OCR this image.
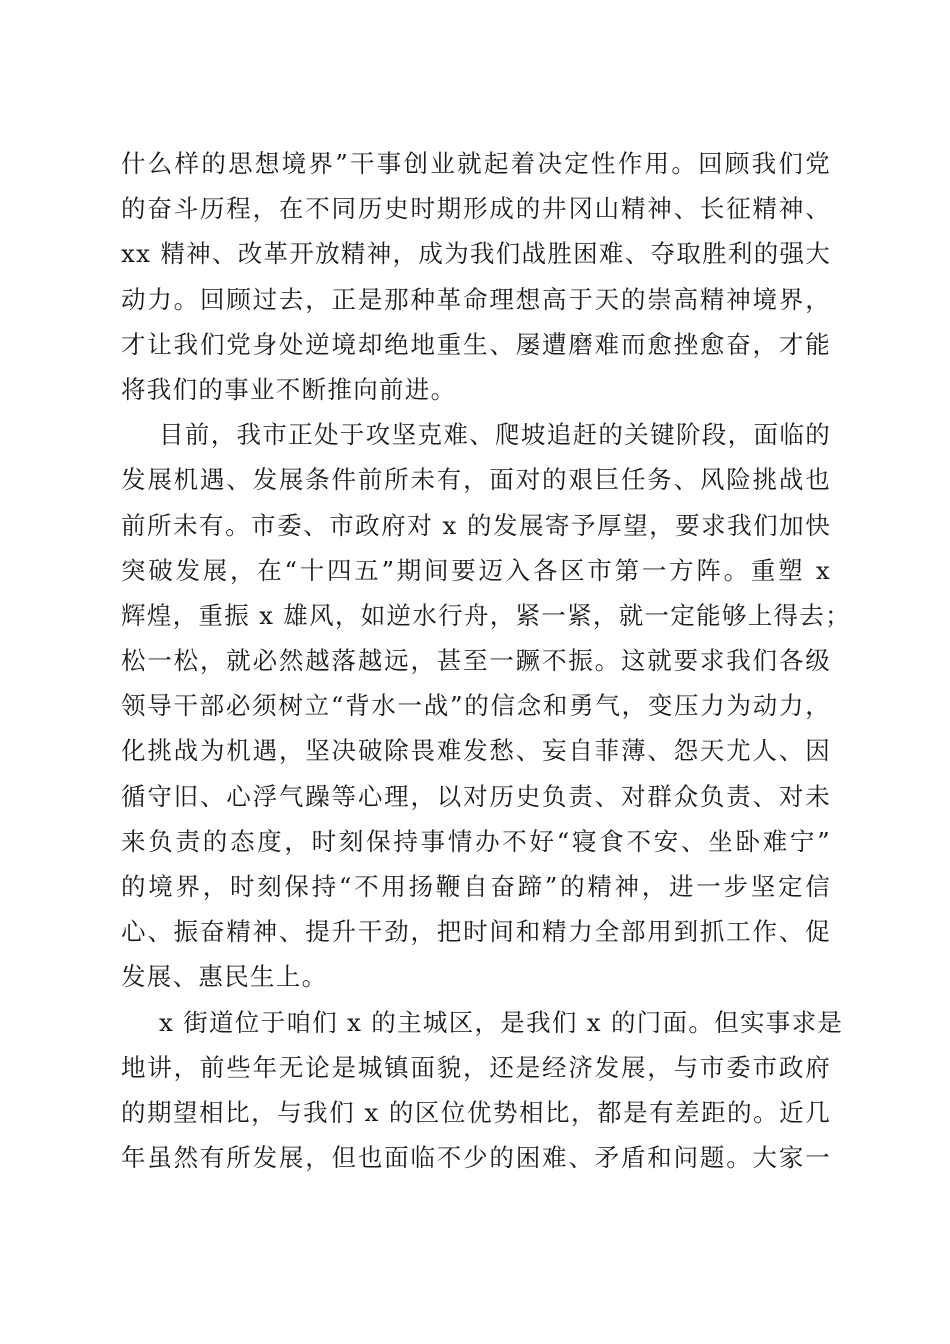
什么样的思想境界”干事创业就起着决定性作用。回顾我们党
的奋斗历程，在不同历史时期形成的井冈山精神、长征精神、
xx 精神、改革开放精神，成为我们战胜困难、夺取胜利的强大
动力。回顾过去，正是那种革命理想高于天的崇高精神境界，
才让我们党身处逆境却绝地重生、屡遭磨难而愈挫愈奋，才能
将我们的事业不断推向前进。
目前，我市正处于攻坚克难、爬坡追赶的关键阶段，面临的
发展机遇、发展条件前所未有，面对的艰巨任务、风险挑战也
前所未有。市委、市政府对 x 的发展寄予厚望，要求我们加快
突破发展，在“十四五”期间要迈入各区市第一方阵。重塑 x
辉煌，重振 x 雄风，如逆水行舟，紧一紧，就一定能够上得去；
松一松，就必然越落越远，甚至一蹶不振。这就要求我们各级
领导干部必须树立“背水一战”的信念和勇气，变压力为动力，
化挑战为机遇，坚决破除畏难发愁、妄自菲薄、怨天尤人、因
循守旧、心浮气躁等心理，以对历史负责、对群众负责、对未
来负责的态度，时刻保持事情办不好“寝食不安、坐卧难宁”
的境界，时刻保持“不用扬鞭自奋蹄”的精神，进一步坚定信
心、振奋精神、提升干劲，把时间和精力全部用到抓工作、促
发展、惠民生上。
x 街道位于咱们 x 的主城区，是我们 x 的门面。但实事求是
地讲，前些年无论是城镇面貌，还是经济发展，与市委市政府
的期望相比，与我们 x 的区位优势相比，都是有差距的。近几
年虽然有所发展，但也面临不少的困难、矛盾和问题。大家一
